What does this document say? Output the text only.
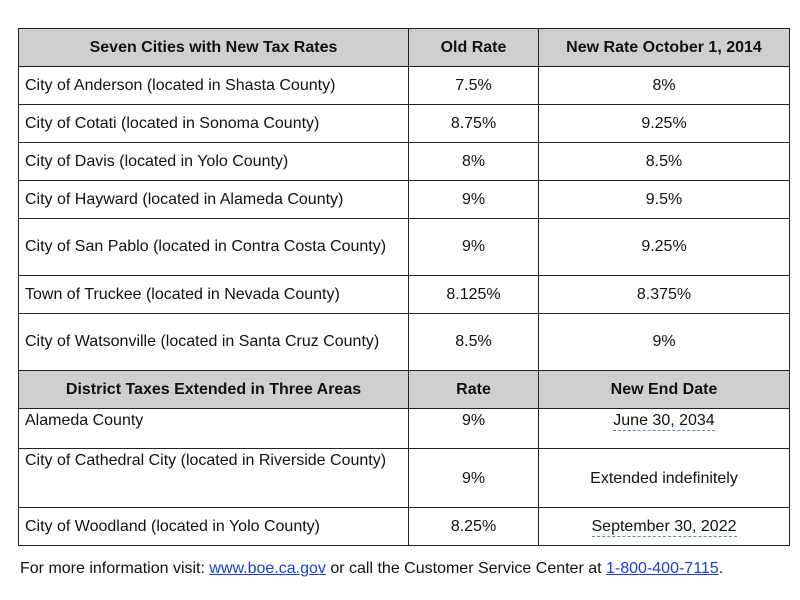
Seven Cities with New Tax Rates	Old Rate	New Rate October 1, 2014
City of Anderson (located in Shasta County)	7.5%	8%
City of Cotati (located in Sonoma County)	8.75%	9.25%
City of Davis (located in Yolo County)	8%	8.5%
City of Hayward (located in Alameda County)	9%	9.5%
City of San Pablo (located in Contra Costa County)	9%	9.25%
Town of Truckee (located in Nevada County)	8.125%	8.375%
City of Watsonville (located in Santa Cruz County)	8.5%	9%
District Taxes Extended in Three Areas	Rate	New End Date
Alameda County	9%	June 30, 2034
City of Cathedral City (located in Riverside County)	9%	Extended indefinitely
City of Woodland (located in Yolo County)	8.25%	September 30, 2022
For more information visit: www.boe.ca.gov or call the Customer Service Center at 1-800-400-7115.
